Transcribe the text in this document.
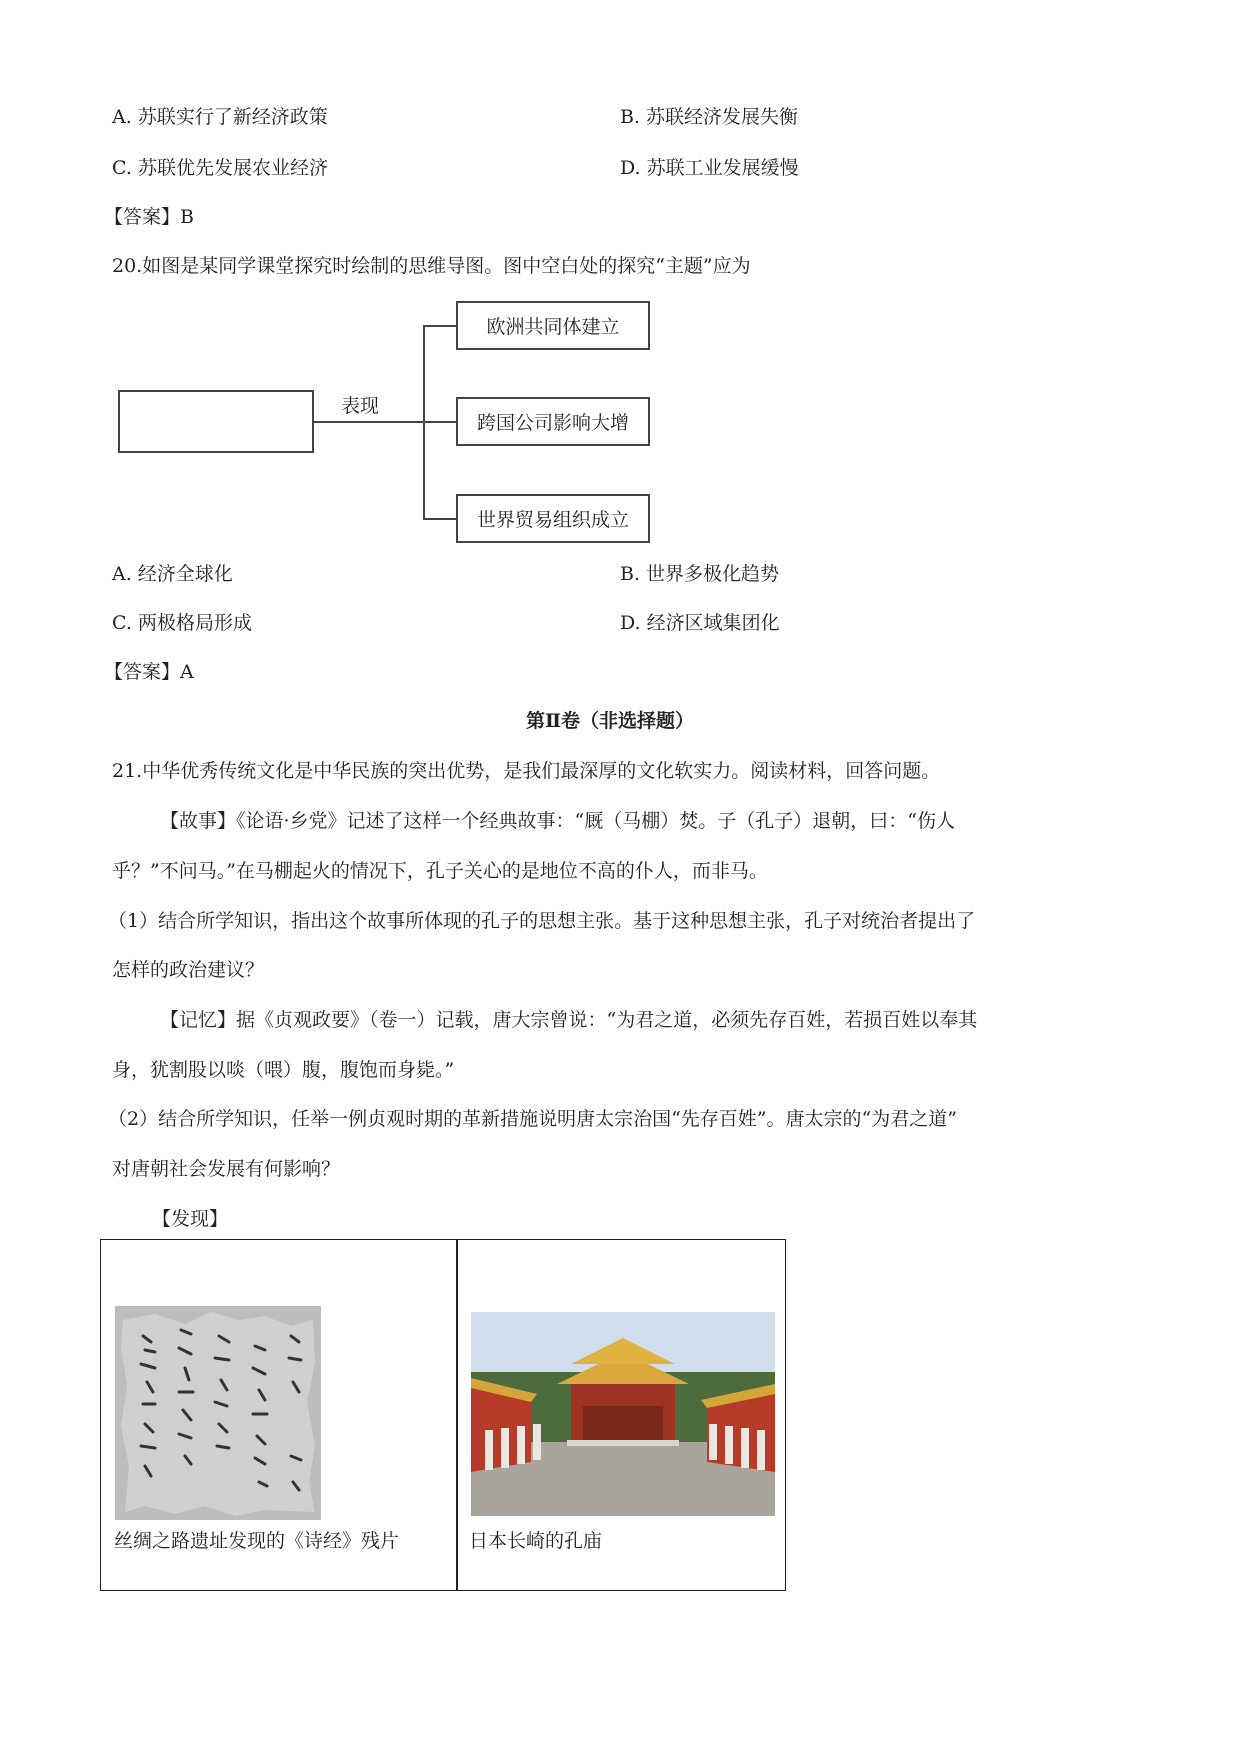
A. 苏联实行了新经济政策	B. 苏联经济发展失衡
C. 苏联优先发展农业经济	D. 苏联工业发展缓慢
【答案】B
20.如图是某同学课堂探究时绘制的思维导图。图中空白处的探究“主题”应为
表现
欧洲共同体建立
跨国公司影响大增
世界贸易组织成立
A. 经济全球化	B. 世界多极化趋势
C. 两极格局形成	D. 经济区域集团化
【答案】A
第Ⅱ卷（非选择题）
21.中华优秀传统文化是中华民族的突出优势，是我们最深厚的文化软实力。阅读材料，回答问题。
【故事】《论语·乡党》记述了这样一个经典故事：“厩（马棚）焚。子（孔子）退朝，曰：“伤人
乎？”不问马。”在马棚起火的情况下，孔子关心的是地位不高的仆人，而非马。
（1）结合所学知识，指出这个故事所体现的孔子的思想主张。基于这种思想主张，孔子对统治者提出了
怎样的政治建议？
【记忆】据《贞观政要》（卷一）记载，唐大宗曾说：“为君之道，必须先存百姓，若损百姓以奉其
身，犹割股以啖（喂）腹，腹饱而身毙。”
（2）结合所学知识，任举一例贞观时期的革新措施说明唐太宗治国“先存百姓”。唐太宗的“为君之道”
对唐朝社会发展有何影响？
【发现】
丝绸之路遗址发现的《诗经》残片	日本长崎的孔庙
